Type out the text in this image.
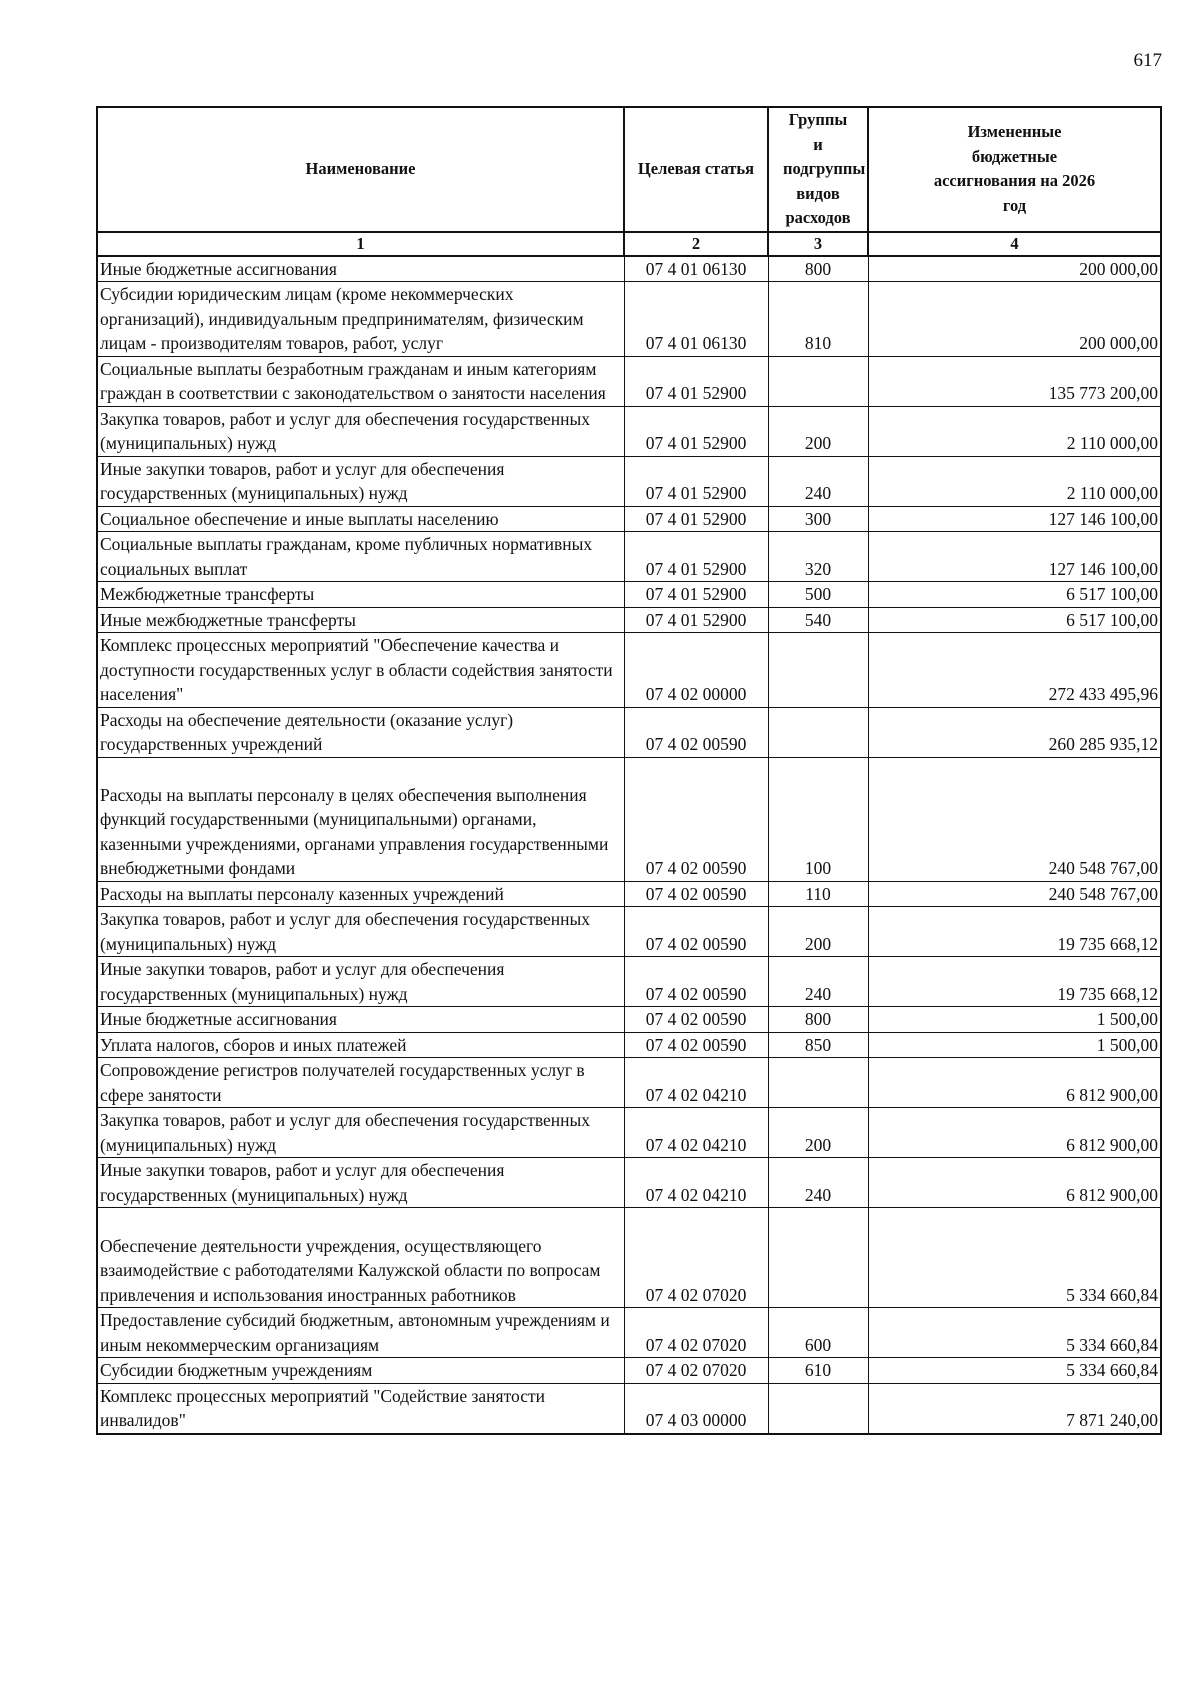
617
Наименование	Целевая статья	Группы и подгруппы видов расходов	Измененные бюджетные ассигнования на 2026 год
1	2	3	4
Иные бюджетные ассигнования	07 4 01 06130	800	200 000,00
Субсидии юридическим лицам (кроме некоммерческих организаций), индивидуальным предпринимателям, физическим лицам - производителям товаров, работ, услуг	07 4 01 06130	810	200 000,00
Социальные выплаты безработным гражданам и иным категориям граждан в соответствии с законодательством о занятости населения	07 4 01 52900		135 773 200,00
Закупка товаров, работ и услуг для обеспечения государственных (муниципальных) нужд	07 4 01 52900	200	2 110 000,00
Иные закупки товаров, работ и услуг для обеспечения государственных (муниципальных) нужд	07 4 01 52900	240	2 110 000,00
Социальное обеспечение и иные выплаты населению	07 4 01 52900	300	127 146 100,00
Социальные выплаты гражданам, кроме публичных нормативных социальных выплат	07 4 01 52900	320	127 146 100,00
Межбюджетные трансферты	07 4 01 52900	500	6 517 100,00
Иные межбюджетные трансферты	07 4 01 52900	540	6 517 100,00
Комплекс процессных мероприятий "Обеспечение качества и доступности государственных услуг в области содействия занятости населения"	07 4 02 00000		272 433 495,96
Расходы на обеспечение деятельности (оказание услуг) государственных учреждений	07 4 02 00590		260 285 935,12
Расходы на выплаты персоналу в целях обеспечения выполнения функций государственными (муниципальными) органами, казенными учреждениями, органами управления государственными внебюджетными фондами	07 4 02 00590	100	240 548 767,00
Расходы на выплаты персоналу казенных учреждений	07 4 02 00590	110	240 548 767,00
Закупка товаров, работ и услуг для обеспечения государственных (муниципальных) нужд	07 4 02 00590	200	19 735 668,12
Иные закупки товаров, работ и услуг для обеспечения государственных (муниципальных) нужд	07 4 02 00590	240	19 735 668,12
Иные бюджетные ассигнования	07 4 02 00590	800	1 500,00
Уплата налогов, сборов и иных платежей	07 4 02 00590	850	1 500,00
Сопровождение регистров получателей государственных услуг в сфере занятости	07 4 02 04210		6 812 900,00
Закупка товаров, работ и услуг для обеспечения государственных (муниципальных) нужд	07 4 02 04210	200	6 812 900,00
Иные закупки товаров, работ и услуг для обеспечения государственных (муниципальных) нужд	07 4 02 04210	240	6 812 900,00
Обеспечение деятельности учреждения, осуществляющего взаимодействие с работодателями Калужской области по вопросам привлечения и использования иностранных работников	07 4 02 07020		5 334 660,84
Предоставление субсидий бюджетным, автономным учреждениям и иным некоммерческим организациям	07 4 02 07020	600	5 334 660,84
Субсидии бюджетным учреждениям	07 4 02 07020	610	5 334 660,84
Комплекс процессных мероприятий "Содействие занятости инвалидов"	07 4 03 00000		7 871 240,00
